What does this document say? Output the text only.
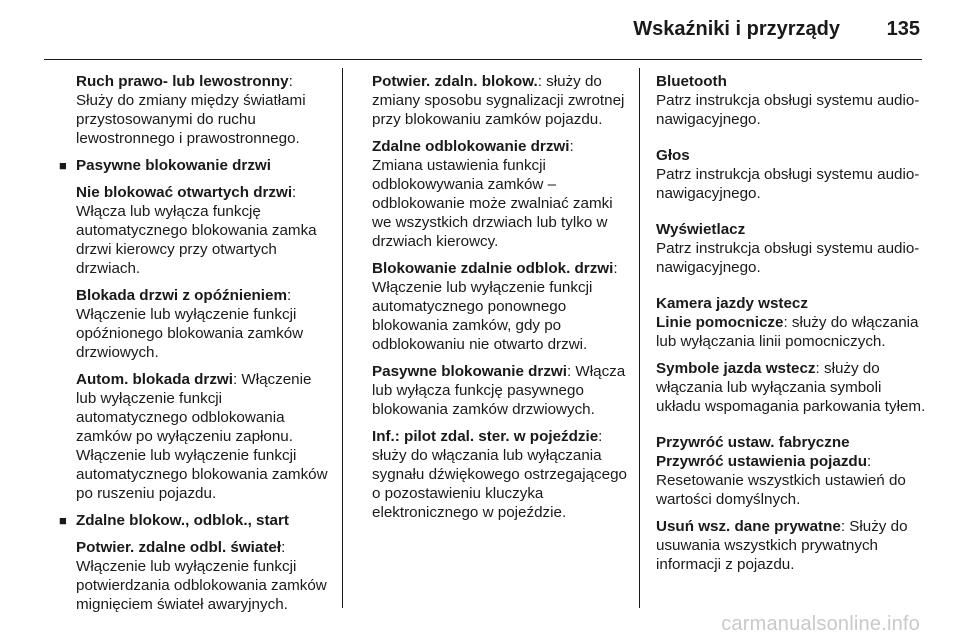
Wskaźniki i przyrządy 135

Ruch prawo- lub lewostronny: Służy do zmiany między światłami przystosowanymi do ruchu lewostronnego i prawostronnego.

■ Pasywne blokowanie drzwi

Nie blokować otwartych drzwi: Włącza lub wyłącza funkcję automatycznego blokowania zamka drzwi kierowcy przy otwartych drzwiach.

Blokada drzwi z opóźnieniem: Włączenie lub wyłączenie funkcji opóźnionego blokowania zamków drzwiowych.

Autom. blokada drzwi: Włączenie lub wyłączenie funkcji automatycznego odblokowania zamków po wyłączeniu zapłonu. Włączenie lub wyłączenie funkcji automatycznego blokowania zamków po ruszeniu pojazdu.

■ Zdalne blokow., odblok., start

Potwier. zdalne odbl. świateł: Włączenie lub wyłączenie funkcji potwierdzania odblokowania zamków mignięciem świateł awaryjnych.

Potwier. zdaln. blokow.: służy do zmiany sposobu sygnalizacji zwrotnej przy blokowaniu zamków pojazdu.

Zdalne odblokowanie drzwi: Zmiana ustawienia funkcji odblokowywania zamków – odblokowanie może zwalniać zamki we wszystkich drzwiach lub tylko w drzwiach kierowcy.

Blokowanie zdalnie odblok. drzwi: Włączenie lub wyłączenie funkcji automatycznego ponownego blokowania zamków, gdy po odblokowaniu nie otwarto drzwi.

Pasywne blokowanie drzwi: Włącza lub wyłącza funkcję pasywnego blokowania zamków drzwiowych.

Inf.: pilot zdal. ster. w pojeździe: służy do włączania lub wyłączania sygnału dźwiękowego ostrzegającego o pozostawieniu kluczyka elektronicznego w pojeździe.

Bluetooth
Patrz instrukcja obsługi systemu audio-nawigacyjnego.
Głos
Patrz instrukcja obsługi systemu audio-nawigacyjnego.
Wyświetlacz
Patrz instrukcja obsługi systemu audio-nawigacyjnego.
Kamera jazdy wstecz

Linie pomocnicze: służy do włączania lub wyłączania linii pomocniczych.

Symbole jazda wstecz: służy do włączania lub wyłączania symboli układu wspomagania parkowania tyłem.

Przywróć ustaw. fabryczne

Przywróć ustawienia pojazdu: Resetowanie wszystkich ustawień do wartości domyślnych.

Usuń wsz. dane prywatne: Służy do usuwania wszystkich prywatnych informacji z pojazdu.

carmanualsonline.info
